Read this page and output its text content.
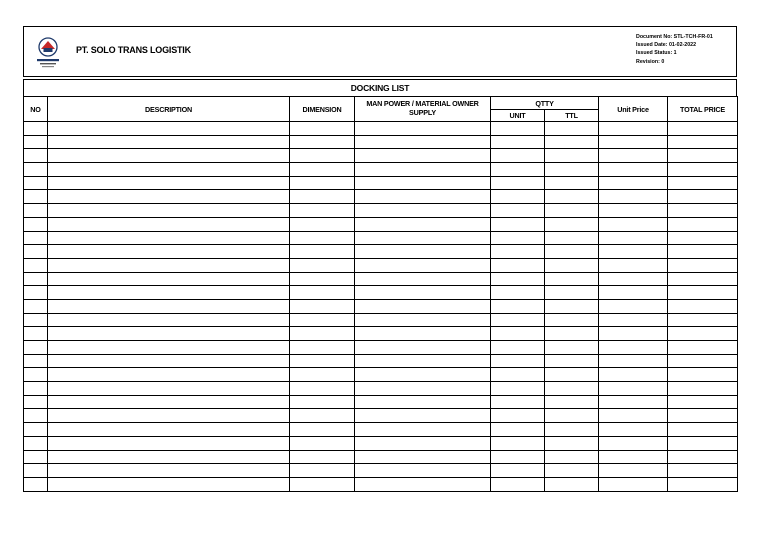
PT. SOLO TRANS LOGISTIK
Document No: STL-TCH-FR-01
Issued Date: 01-02-2022
Issued Status: 1
Revision: 0
DOCKING LIST
NO	DESCRIPTION	DIMENSION	MAN POWER / MATERIAL OWNER SUPPLY	QTTY		Unit Price	TOTAL PRICE
				UNIT	TTL		
